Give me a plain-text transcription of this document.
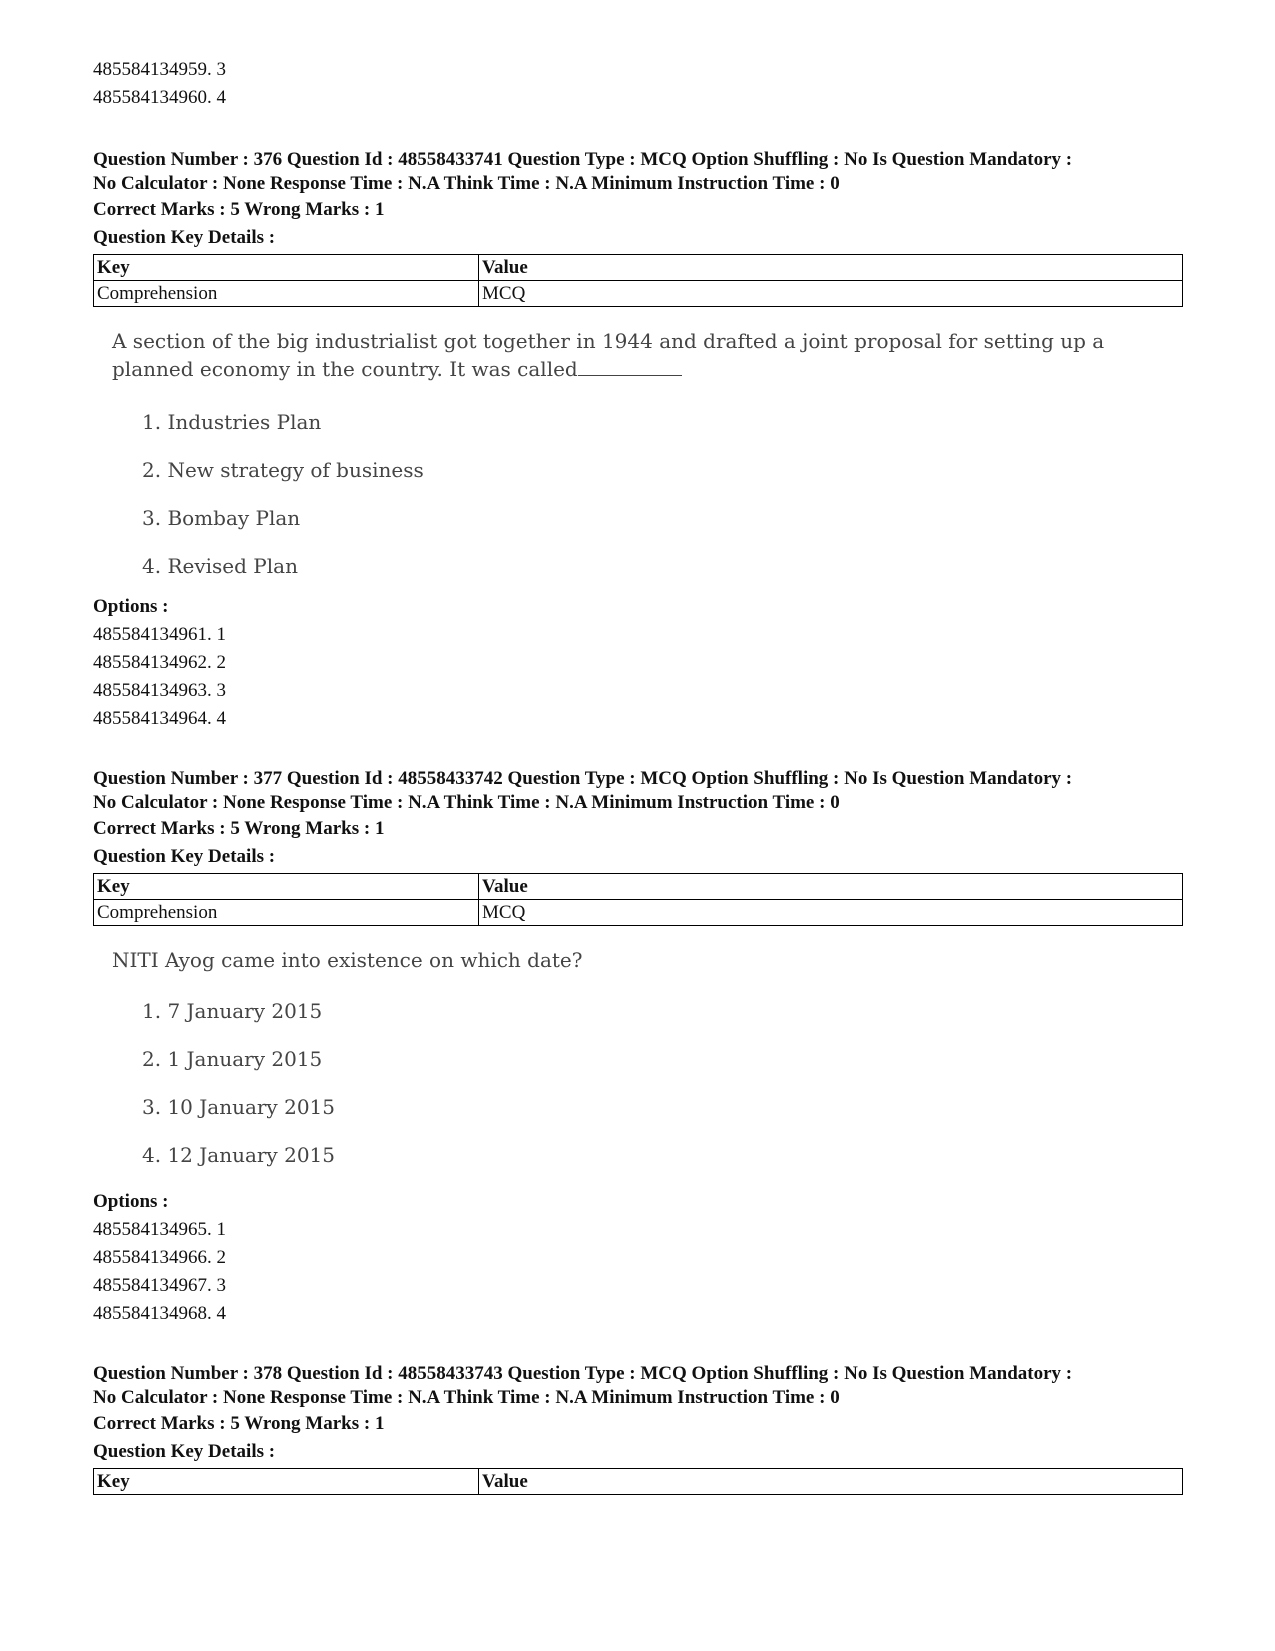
485584134959. 3
485584134960. 4
Question Number : 376 Question Id : 48558433741 Question Type : MCQ Option Shuffling : No Is Question Mandatory :
No Calculator : None Response Time : N.A Think Time : N.A Minimum Instruction Time : 0
Correct Marks : 5 Wrong Marks : 1
Question Key Details :
Key	Value
Comprehension	MCQ
A section of the big industrialist got together in 1944 and drafted a joint proposal for setting up a planned economy in the country. It was called
1. Industries Plan
2. New strategy of business
3. Bombay Plan
4. Revised Plan
Options :
485584134961. 1
485584134962. 2
485584134963. 3
485584134964. 4
Question Number : 377 Question Id : 48558433742 Question Type : MCQ Option Shuffling : No Is Question Mandatory :
No Calculator : None Response Time : N.A Think Time : N.A Minimum Instruction Time : 0
Correct Marks : 5 Wrong Marks : 1
Question Key Details :
Key	Value
Comprehension	MCQ
NITI Ayog came into existence on which date?
1. 7 January 2015
2. 1 January 2015
3. 10 January 2015
4. 12 January 2015
Options :
485584134965. 1
485584134966. 2
485584134967. 3
485584134968. 4
Question Number : 378 Question Id : 48558433743 Question Type : MCQ Option Shuffling : No Is Question Mandatory :
No Calculator : None Response Time : N.A Think Time : N.A Minimum Instruction Time : 0
Correct Marks : 5 Wrong Marks : 1
Question Key Details :
Key	Value
